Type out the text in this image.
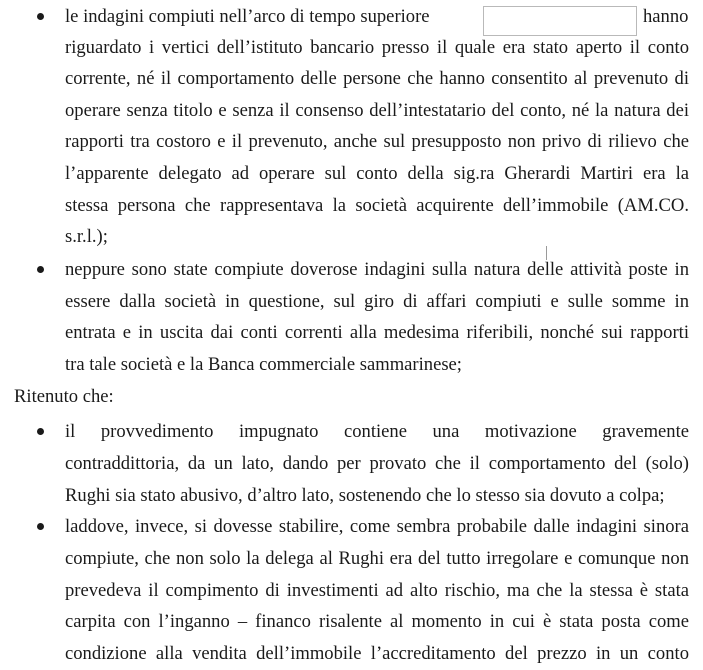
le indagini compiuti nell’arco di tempo superiore	hanno
riguardato i vertici dell’istituto bancario presso il quale era stato aperto il conto
corrente, né il comportamento delle persone che hanno consentito al prevenuto di
operare senza titolo e senza il consenso dell’intestatario del conto, né la natura dei
rapporti tra costoro e il prevenuto, anche sul presupposto non privo di rilievo che
l’apparente delegato ad operare sul conto della sig.ra Gherardi Martiri era la
stessa persona che rappresentava la società acquirente dell’immobile (AM.CO.
s.r.l.);
neppure sono state compiute doverose indagini sulla natura delle attività poste in
essere dalla società in questione, sul giro di affari compiuti e sulle somme in
entrata e in uscita dai conti correnti alla medesima riferibili, nonché sui rapporti
tra tale società e la Banca commerciale sammarinese;
Ritenuto che:
il provvedimento impugnato contiene una motivazione gravemente
contraddittoria, da un lato, dando per provato che il comportamento del (solo)
Rughi sia stato abusivo, d’altro lato, sostenendo che lo stesso sia dovuto a colpa;
laddove, invece, si dovesse stabilire, come sembra probabile dalle indagini sinora
compiute, che non solo la delega al Rughi era del tutto irregolare e comunque non
prevedeva il compimento di investimenti ad alto rischio, ma che la stessa è stata
carpita con l’inganno – financo risalente al momento in cui è stata posta come
condizione alla vendita dell’immobile l’accreditamento del prezzo in un conto
